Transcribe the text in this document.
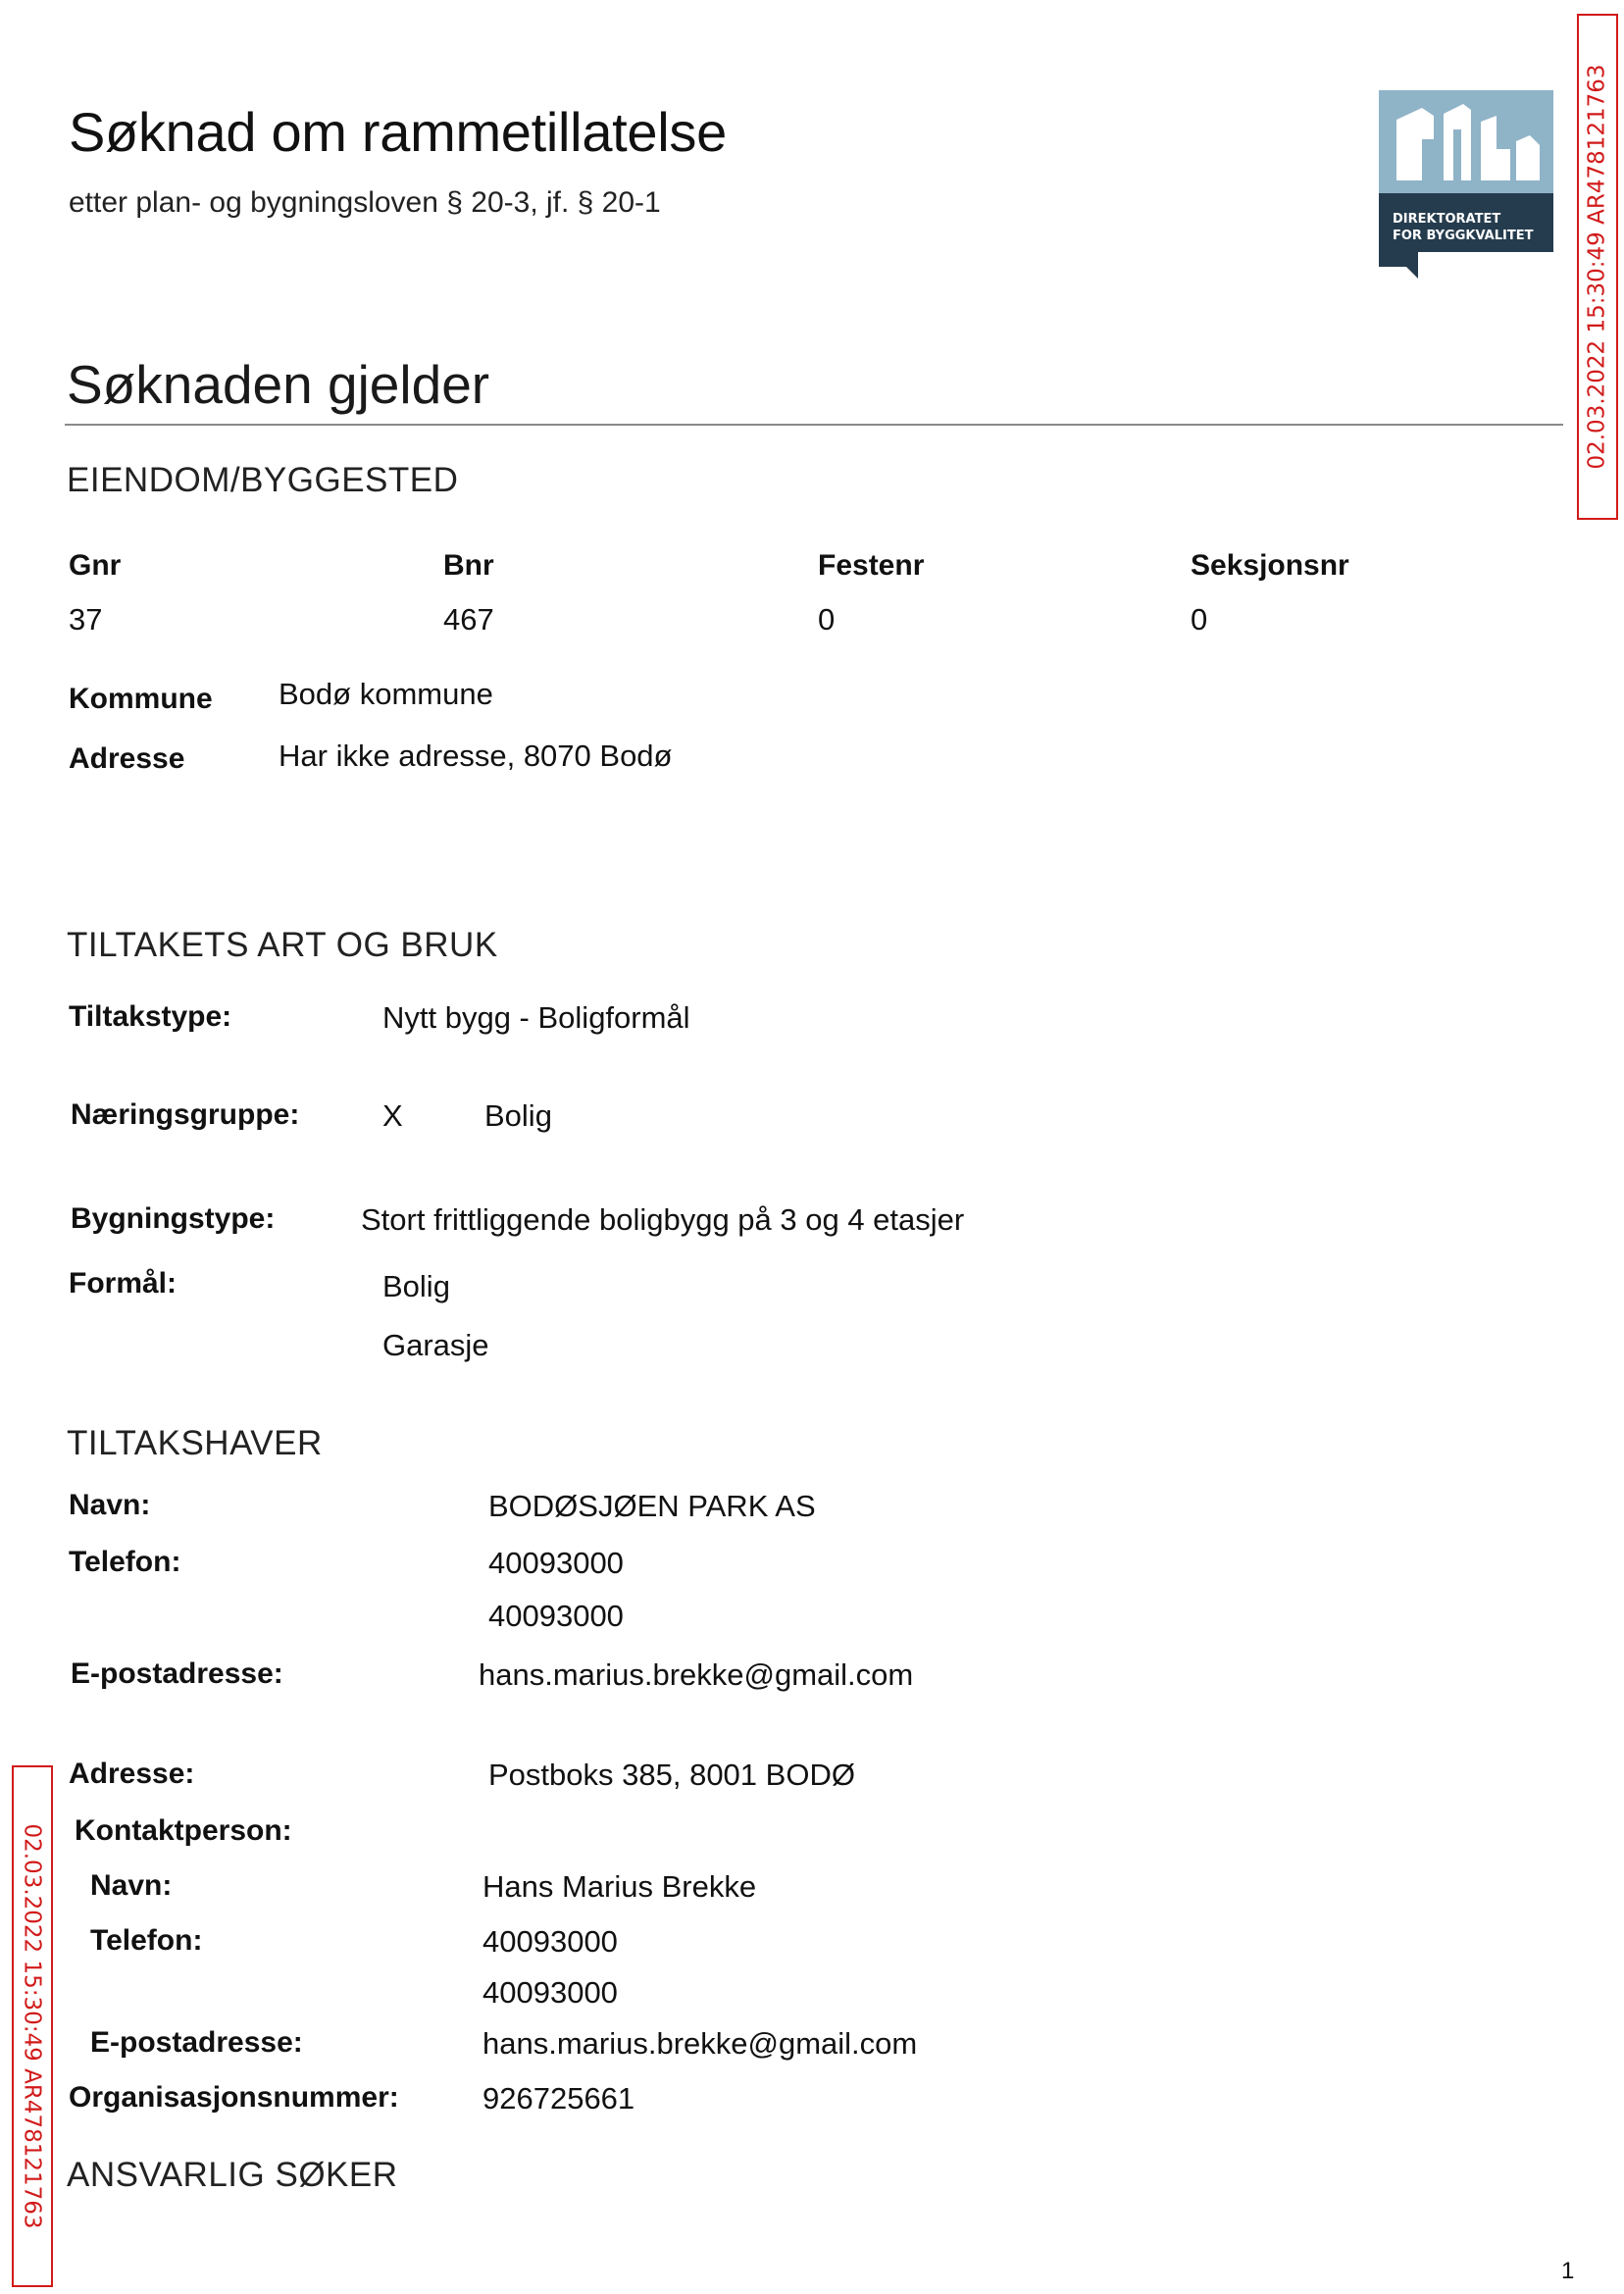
Søknad om rammetillatelse
etter plan- og bygningsloven § 20-3, jf. § 20-1
DIREKTORATET
FOR BYGGKVALITET 02.03.2022 15:30:49 AR478121763
02.03.2022 15:30:49 AR478121763
Søknaden gjelder
EIENDOM/BYGGESTED
Gnr	Bnr	Festenr	Seksjonsnr
37	467	0	0
Kommune Bodø kommune
Adresse	Har ikke adresse, 8070 Bodø
TILTAKETS ART OG BRUK
Tiltakstype:	Nytt bygg - Boligformål
Næringsgruppe:	X	Bolig
Bygningstype:	Stort frittliggende boligbygg på 3 og 4 etasjer
Formål:	Bolig
Garasje
TILTAKSHAVER
Navn:	BODØSJØEN PARK AS
Telefon:	40093000
40093000
E-postadresse:	hans.marius.brekke@gmail.com
Adresse:	Postboks 385, 8001 BODØ
Kontaktperson:
Navn:	Hans Marius Brekke
Telefon:	40093000
40093000
E-postadresse:	hans.marius.brekke@gmail.com
Organisasjonsnummer:	926725661
ANSVARLIG SØKER
1
